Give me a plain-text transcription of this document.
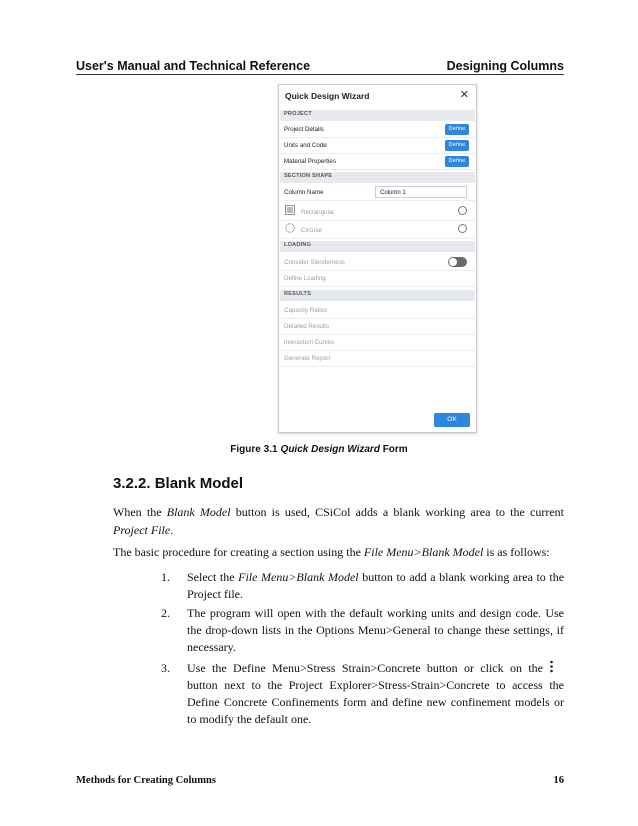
User's Manual and Technical Reference	Designing Columns
Quick Design Wizard	✕
PROJECT
Project Details	Define
Units and Code	Define
Material Properties	Define
SECTION SHAPE
Column Name	Column 1
Rectangular
Circular
LOADING
Consider Slenderness
Define Loading
RESULTS
Capacity Ratios
Detailed Results
Interaction Curves
Generate Report
OK
Figure 3.1 Quick Design Wizard Form
3.2.2. Blank Model
When the Blank Model button is used, CSiCol adds a blank working area to the current Project File.
The basic procedure for creating a section using the File Menu>Blank Model is as follows:
1. Select the File Menu>Blank Model button to add a blank working area to the Project file.
2. The program will open with the default working units and design code. Use the drop-down lists in the Options Menu>General to change these settings, if necessary.
3. Use the Define Menu>Stress Strain>Concrete button or click on thebutton next to the Project Explorer>Stress-Strain>Concrete to access the Define Concrete Confinements form and define new confinement models or to modify the default one.
Methods for Creating Columns	16
